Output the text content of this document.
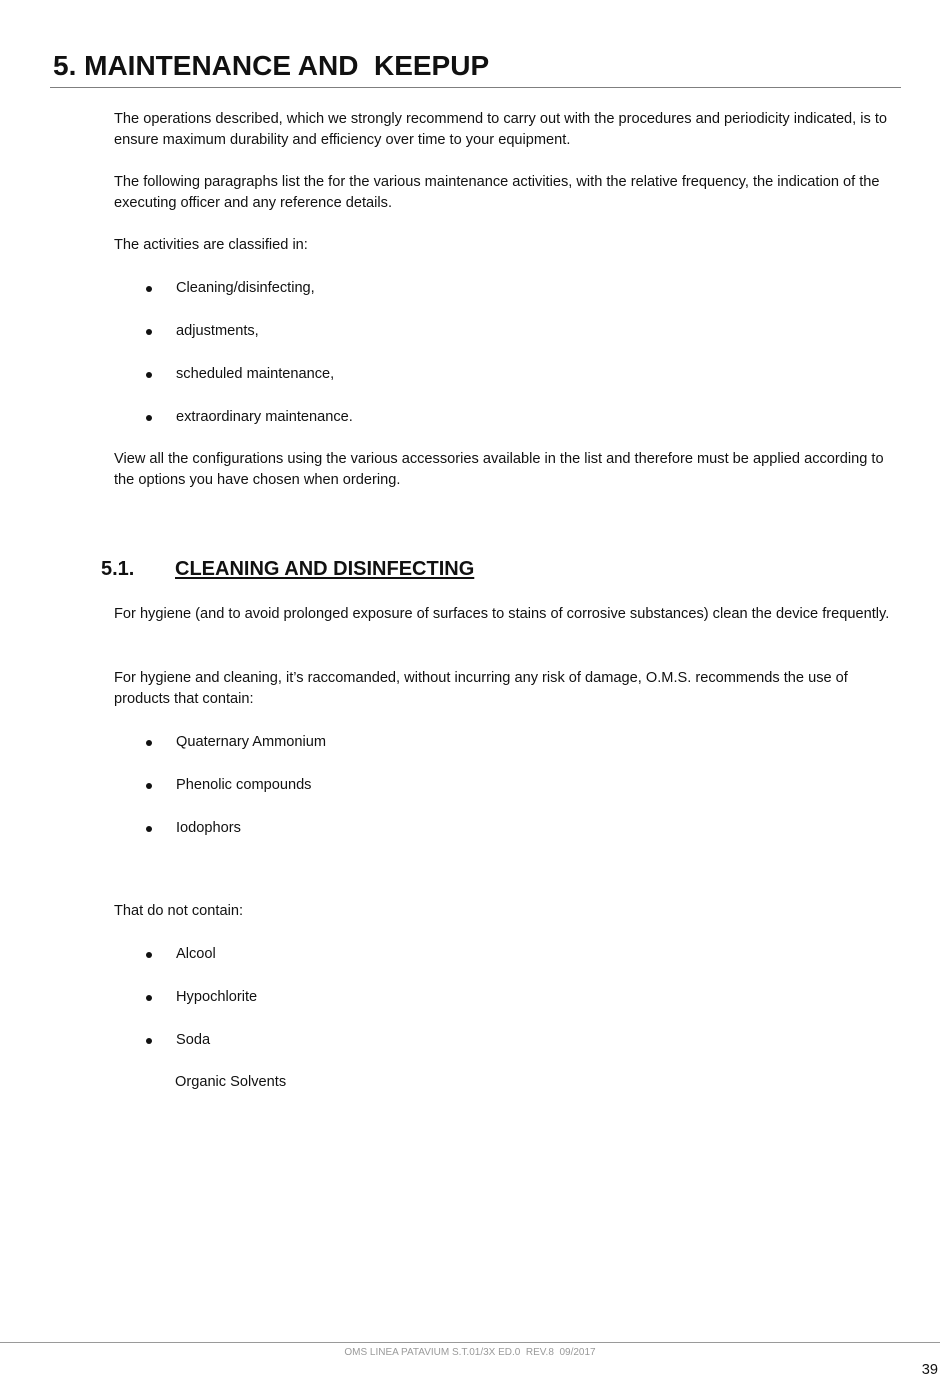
5. MAINTENANCE AND  KEEPUP

The operations described, which we strongly recommend to carry out with the procedures and periodicity indicated, is to ensure maximum durability and efficiency over time to your equipment.

The following paragraphs list the for the various maintenance activities, with the relative frequency, the indication of the executing officer and any reference details.

The activities are classified in:

Cleaning/disinfecting,
adjustments,
scheduled maintenance,
extraordinary maintenance.

View all the configurations using the various accessories available in the list and therefore must be applied according to the options you have chosen when ordering.

5.1. CLEANING AND DISINFECTING

For hygiene (and to avoid prolonged exposure of surfaces to stains of corrosive substances) clean the device frequently.

For hygiene and cleaning, it’s raccomanded, without incurring any risk of damage, O.M.S. recommends the use of products that contain:

Quaternary Ammonium
Phenolic compounds
Iodophors

That do not contain:

Alcool
Hypochlorite
Soda

Organic Solvents

OMS LINEA PATAVIUM S.T.01/3X ED.0  REV.8  09/2017
39
